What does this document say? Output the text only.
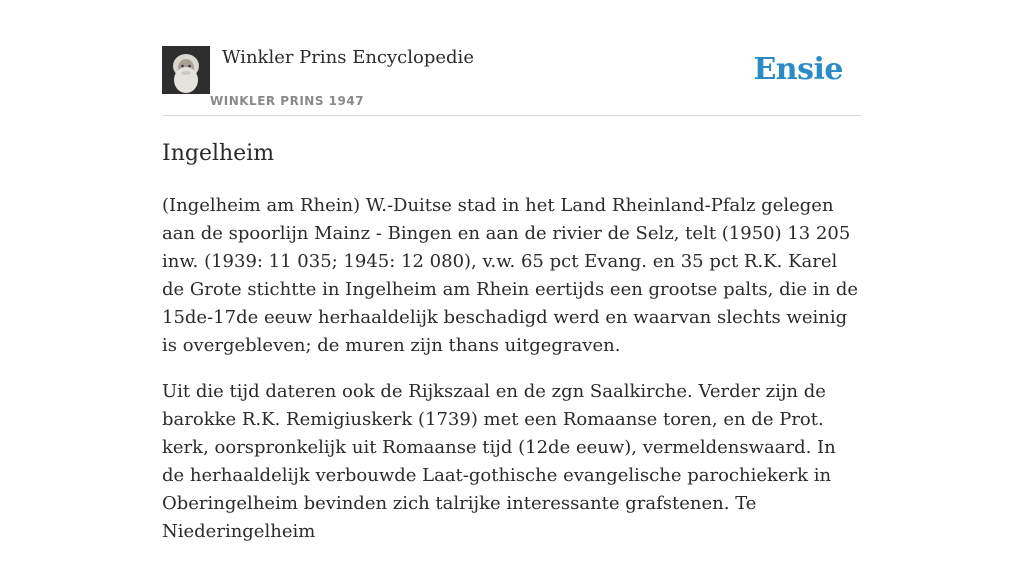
Winkler Prins Encyclopedie
WINKLER PRINS 1947
Ensie
Ingelheim

(Ingelheim am Rhein) W.-Duitse stad in het Land Rheinland-Pfalz gelegen aan de spoorlijn Mainz - Bingen en aan de rivier de Selz, telt (1950) 13 205 inw. (1939: 11 035; 1945: 12 080), v.w. 65 pct Evang. en 35 pct R.K. Karel de Grote stichtte in Ingelheim am Rhein eertijds een grootse palts, die in de 15de-17de eeuw herhaaldelijk beschadigd werd en waarvan slechts weinig is overgebleven; de muren zijn thans uitgegraven.

Uit die tijd dateren ook de Rijkszaal en de zgn Saalkirche. Verder zijn de barokke R.K. Remigiuskerk (1739) met een Romaanse toren, en de Prot. kerk, oorspronkelijk uit Romaanse tijd (12de eeuw), vermeldenswaard. In de herhaaldelijk verbouwde Laat-gothische evangelische parochiekerk in Oberingelheim bevinden zich talrijke interessante grafstenen. Te Niederingelheim
